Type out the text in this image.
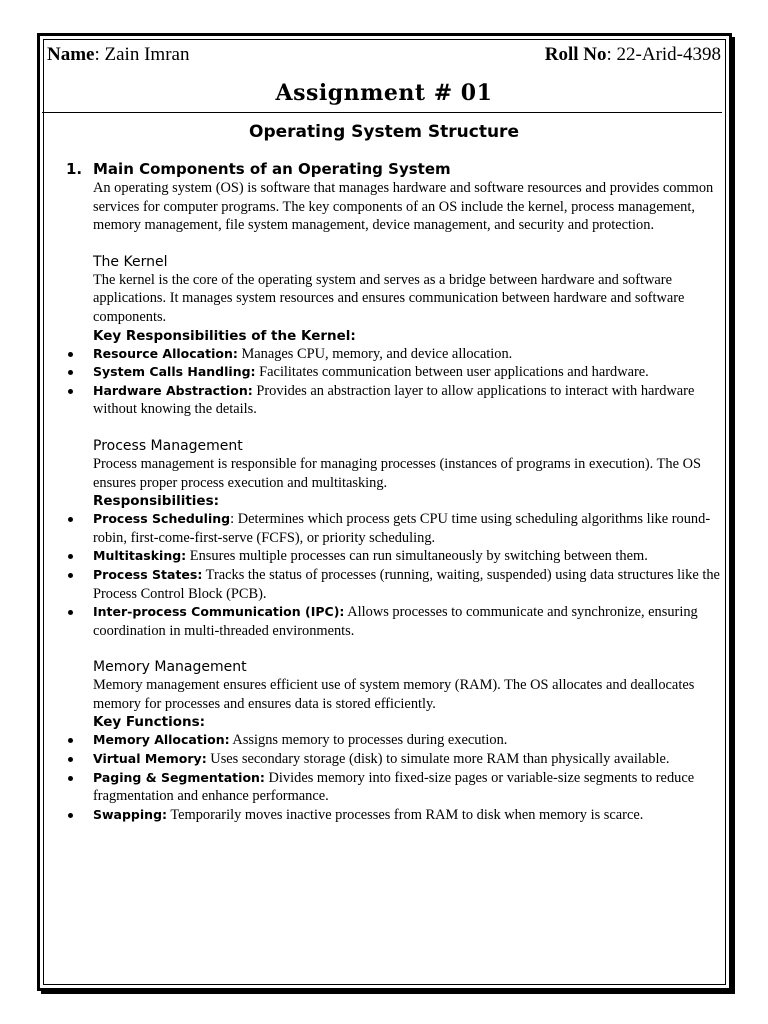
Name: Zain Imran	Roll No: 22-Arid-4398
Assignment # 01
Operating System Structure
1. Main Components of an Operating System

An operating system (OS) is software that manages hardware and software resources and provides common services for computer programs. The key components of an OS include the kernel, process management, memory management, file system management, device management, and security and protection.

The Kernel

The kernel is the core of the operating system and serves as a bridge between hardware and software applications. It manages system resources and ensures communication between hardware and software components.

Key Responsibilities of the Kernel:
Resource Allocation: Manages CPU, memory, and device allocation.
System Calls Handling: Facilitates communication between user applications and hardware.
Hardware Abstraction: Provides an abstraction layer to allow applications to interact with hardware without knowing the details.
Process Management

Process management is responsible for managing processes (instances of programs in execution). The OS ensures proper process execution and multitasking.

Responsibilities:
Process Scheduling: Determines which process gets CPU time using scheduling algorithms like round-robin, first-come-first-serve (FCFS), or priority scheduling.
Multitasking: Ensures multiple processes can run simultaneously by switching between them.
Process States: Tracks the status of processes (running, waiting, suspended) using data structures like the Process Control Block (PCB).
Inter-process Communication (IPC): Allows processes to communicate and synchronize, ensuring coordination in multi-threaded environments.
Memory Management

Memory management ensures efficient use of system memory (RAM). The OS allocates and deallocates memory for processes and ensures data is stored efficiently.

Key Functions:
Memory Allocation: Assigns memory to processes during execution.
Virtual Memory: Uses secondary storage (disk) to simulate more RAM than physically available.
Paging & Segmentation: Divides memory into fixed-size pages or variable-size segments to reduce fragmentation and enhance performance.
Swapping: Temporarily moves inactive processes from RAM to disk when memory is scarce.
